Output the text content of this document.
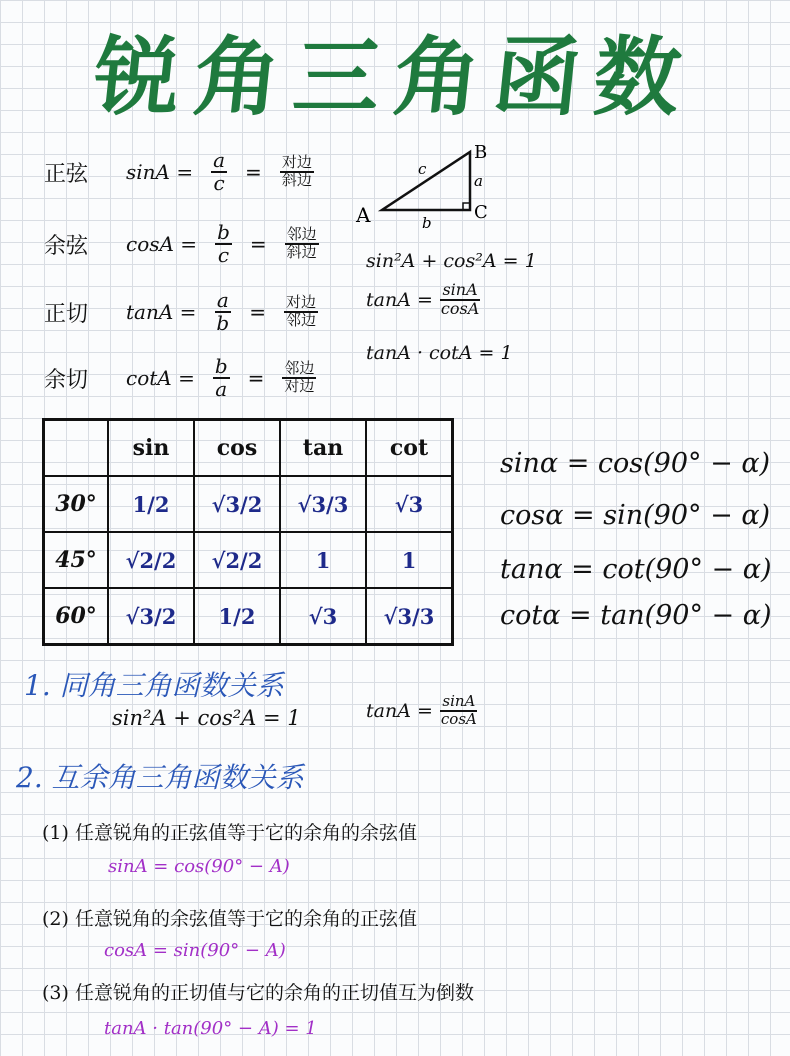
锐角三角函数
正弦	$\sin A = \frac{a}{c} = \frac{\text{对边}}{\text{斜边}}$
余弦	$\cos A = \frac{b}{c} = \frac{\text{邻边}}{\text{斜边}}$
正切	$\tan A = \frac{a}{b} = \frac{\text{对边}}{\text{邻边}}$
余切	$\cot A = \frac{b}{a} = \frac{\text{邻边}}{\text{对边}}$
A
B
C
a
b
c
sin²A + cos²A = 1
$\tan A = \frac{\sin A}{\cos A}$
tanA · cotA = 1
	sin	cos	tan	cot
30°	1/2	√3/2	√3/3	√3
45°	√2/2	√2/2	1	1
60°	√3/2	1/2	√3	√3/3
sinα = cos(90° − α)
cosα = sin(90° − α)
tanα = cot(90° − α)
cotα = tan(90° − α)
1. 同角三角函数关系
sin²A + cos²A = 1	$\tan A = \frac{\sin A}{\cos A}$
2. 互余角三角函数关系
(1) 任意锐角的正弦值等于它的余角的余弦值
sinA = cos(90° − A)
(2) 任意锐角的余弦值等于它的余角的正弦值
cosA = sin(90° − A)
(3) 任意锐角的正切值与它的余角的正切值互为倒数
tanA · tan(90° − A) = 1
